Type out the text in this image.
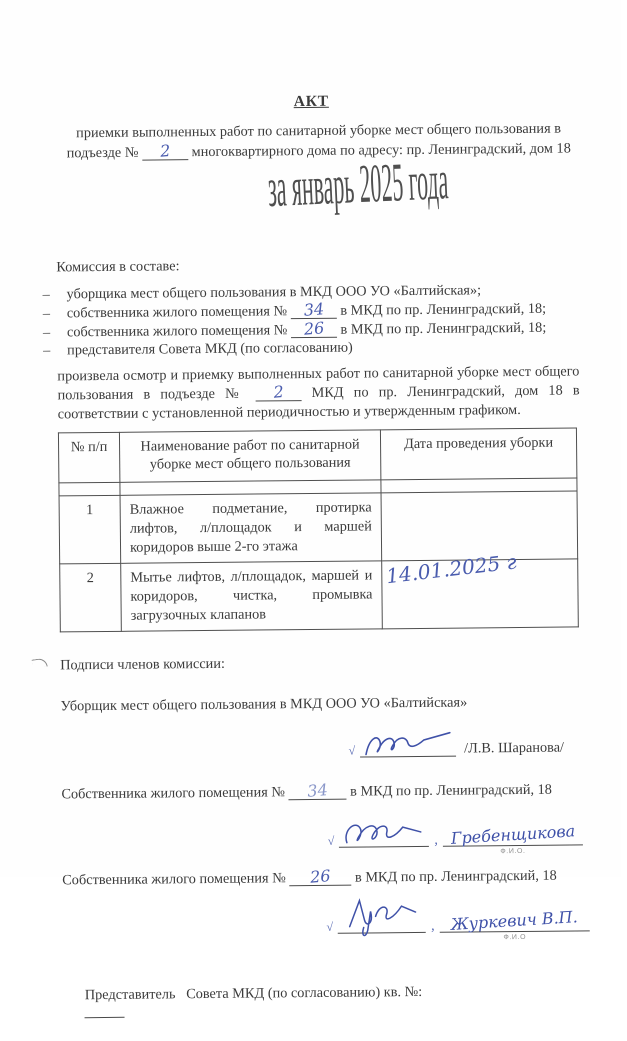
АКТ
приемки выполненных работ по санитарной уборке мест общего пользования в подъезде № 2 многоквартирного дома по адресу: пр. Ленинградский, дом 18
за январь 2025 года
Комиссия в составе:
–	уборщика мест общего пользования в МКД ООО УО «Балтийская»;
–	собственника жилого помещения № 34 в МКД по пр. Ленинградский, 18;
–	собственника жилого помещения № 26 в МКД по пр. Ленинградский, 18;
–	представителя Совета МКД (по согласованию)
произвела осмотр и приемку выполненных работ по санитарной уборке мест общего пользования в подъезде № 2 МКД по пр. Ленинградский, дом 18 в соответствии с установленной периодичностью и утвержденным графиком.
№ п/п	Наименование работ по санитарной уборке мест общего пользования	Дата проведения уборки

1	Влажное подметание, протирка лифтов, л/площадок и маршей коридоров выше 2-го этажа	
2	Мытье лифтов, л/площадок, маршей и коридоров, чистка, промывка загрузочных клапанов	14.01.2025 г
Подписи членов комиссии:
Уборщик мест общего пользования в МКД ООО УО «Балтийская»
√	/Л.В. Шаранова/
Собственника жилого помещения № 34 в МКД по пр. Ленинградский, 18
√	, Гребенщикова
Ф.И.О.
Собственника жилого помещения № 26 в МКД по пр. Ленинградский, 18
√	, Журкевич В.П.
Ф.И.О

Представитель   Совета МКД (по согласованию) кв. №:
